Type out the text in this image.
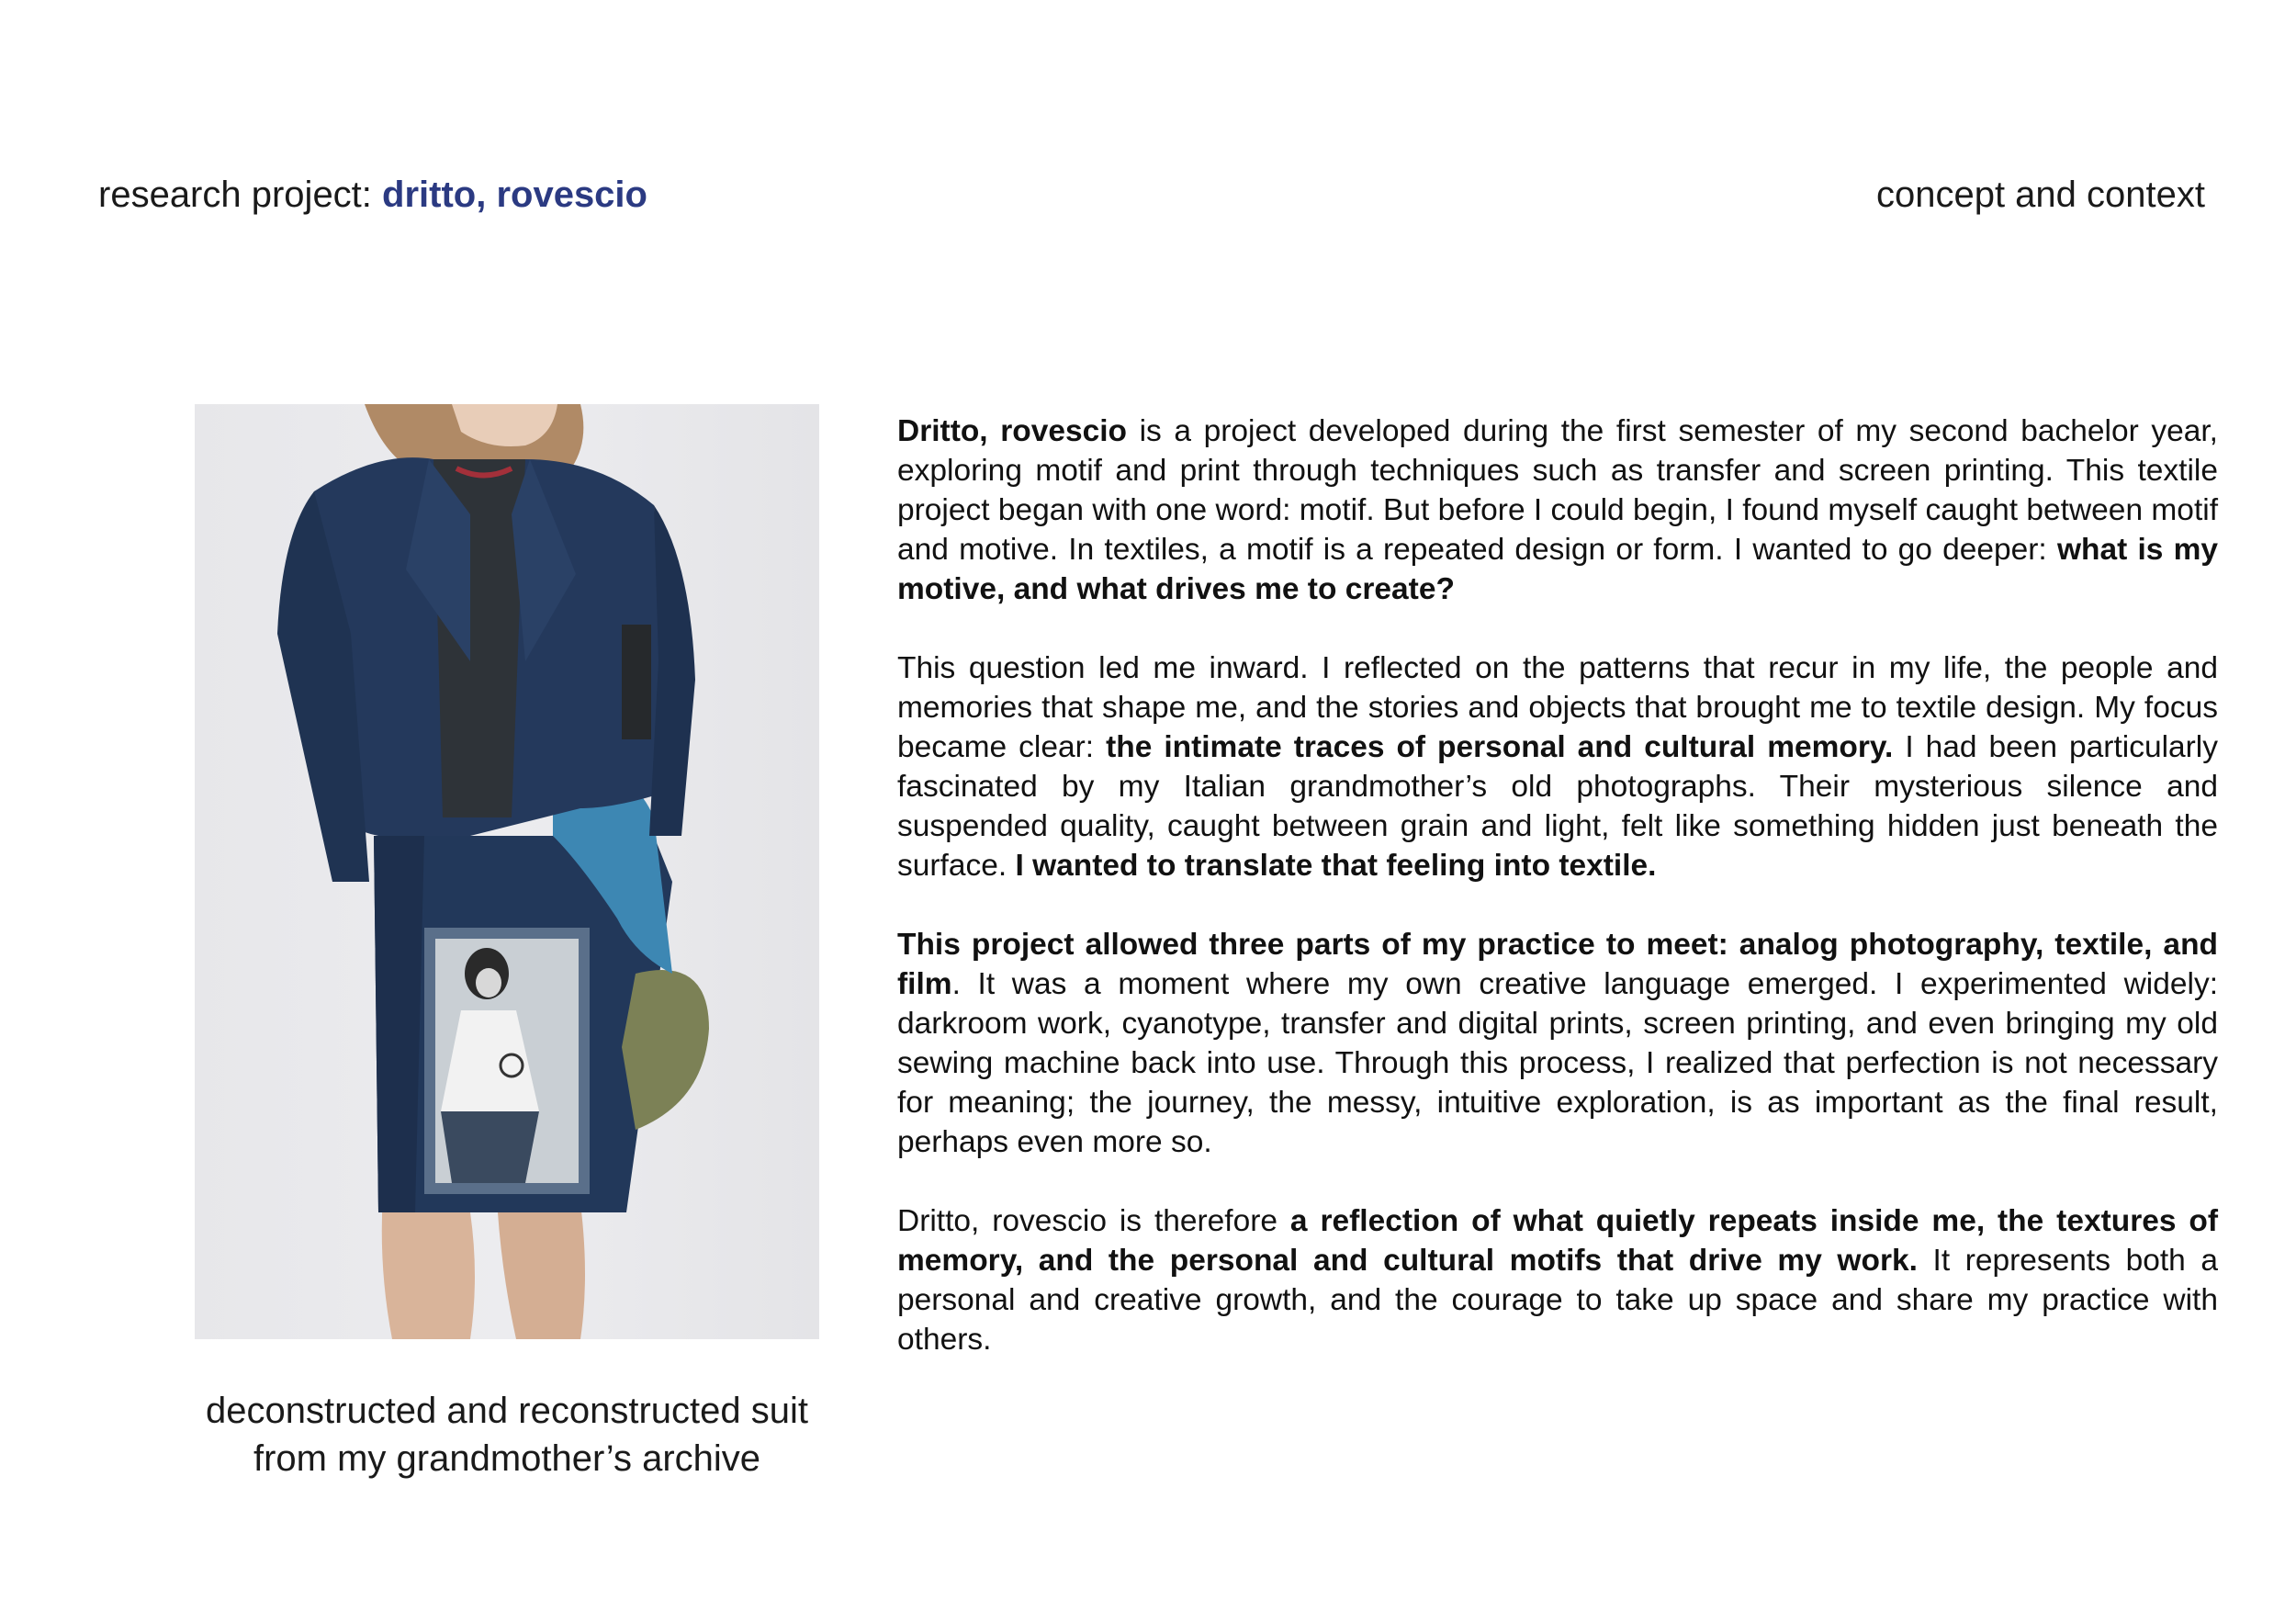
research project: dritto, rovescio	concept and context
deconstructed and reconstructed suit
from my grandmother’s archive

Dritto, rovescio is a project developed during the first semester of my second bachelor year, exploring motif and print through techniques such as transfer and screen printing. This textile project began with one word: motif. But before I could begin, I found myself caught between motif and motive. In textiles, a motif is a repeated design or form. I wanted to go deeper: what is my motive, and what drives me to create?

This question led me inward. I reflected on the patterns that recur in my life, the people and memories that shape me, and the stories and objects that brought me to textile design. My focus became clear: the intimate traces of personal and cultural memory. I had been particularly fascinated by my Italian grandmother’s old photographs. Their mysterious silence and suspended quality, caught between grain and light, felt like something hidden just beneath the surface. I wanted to translate that feeling into textile.

This project allowed three parts of my practice to meet: analog photography, textile, and film. It was a moment where my own creative language emerged. I experimented widely: darkroom work, cyanotype, transfer and digital prints, screen printing, and even bringing my old sewing machine back into use. Through this process, I realized that perfection is not necessary for meaning; the journey, the messy, intuitive exploration, is as important as the final result, perhaps even more so.

Dritto, rovescio is therefore a reflection of what quietly repeats inside me, the textures of memory, and the personal and cultural motifs that drive my work. It represents both a personal and creative growth, and the courage to take up space and share my practice with others.
